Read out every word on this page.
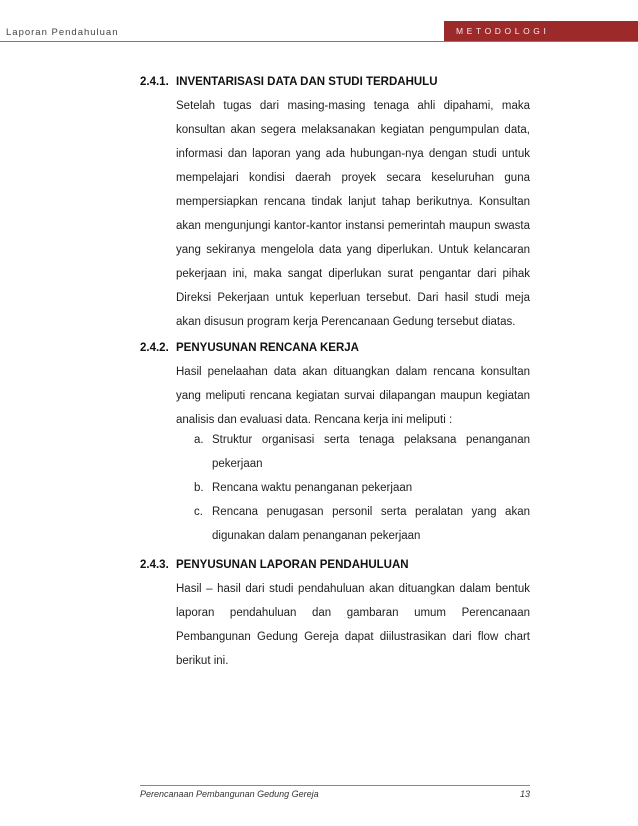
Laporan Pendahuluan	METODOLOGI
2.4.1. INVENTARISASI DATA DAN STUDI TERDAHULU

Setelah tugas dari masing-masing tenaga ahli dipahami, maka konsultan akan segera melaksanakan kegiatan pengumpulan data, informasi dan laporan yang ada hubungan-nya dengan studi untuk mempelajari kondisi daerah proyek secara keseluruhan guna mempersiapkan rencana tindak lanjut tahap berikutnya. Konsultan akan mengunjungi kantor-kantor instansi pemerintah maupun swasta yang sekiranya mengelola data yang diperlukan. Untuk kelancaran pekerjaan ini, maka sangat diperlukan surat pengantar dari pihak Direksi Pekerjaan untuk keperluan tersebut. Dari hasil studi meja akan disusun program kerja Perencanaan Gedung tersebut diatas.

2.4.2. PENYUSUNAN RENCANA KERJA

Hasil penelaahan data akan dituangkan dalam rencana konsultan yang meliputi rencana kegiatan survai dilapangan maupun kegiatan analisis dan evaluasi data. Rencana kerja ini meliputi :

a. Struktur organisasi serta tenaga pelaksana penanganan pekerjaan
b. Rencana waktu penanganan pekerjaan
c. Rencana penugasan personil serta peralatan yang akan digunakan dalam penanganan pekerjaan
2.4.3. PENYUSUNAN LAPORAN PENDAHULUAN

Hasil – hasil dari studi pendahuluan akan dituangkan dalam bentuk laporan pendahuluan dan gambaran umum Perencanaan Pembangunan Gedung Gereja dapat diilustrasikan dari flow chart berikut ini.

Perencanaan Pembangunan Gedung Gereja	13
